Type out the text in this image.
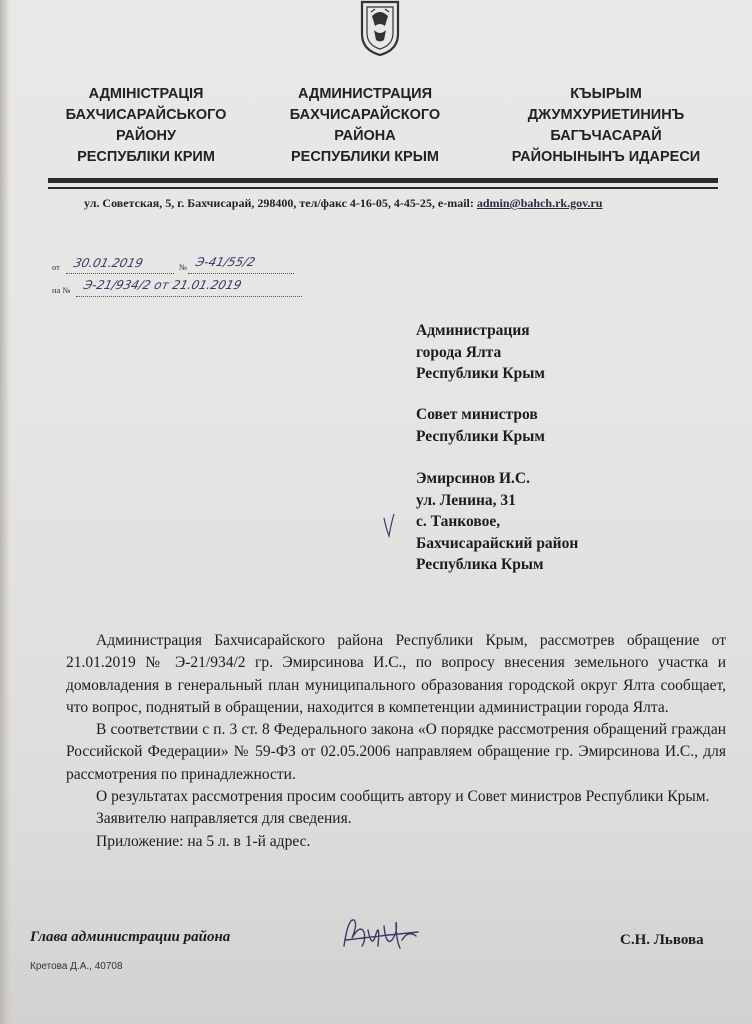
АДМІНІСТРАЦІЯ
БАХЧИСАРАЙСЬКОГО
РАЙОНУ
РЕСПУБЛІКИ КРИМ
АДМИНИСТРАЦИЯ
БАХЧИСАРАЙСКОГО
РАЙОНА
РЕСПУБЛИКИ КРЫМ
КЪЫРЫМ
ДЖУМХУРИЕТИНИНЪ
БАГЪЧАСАРАЙ
РАЙОНЫНЫНЪ ИДАРЕСИ
ул. Советская, 5, г. Бахчисарай, 298400, тел/факс 4-16-05, 4-45-25, e-mail: admin@bahch.rk.gov.ru
от	№
30.01.2019	Э-41/55/2
на № Э-21/934/2 от 21.01.2019
Администрация
города Ялта
Республики Крым
Совет министров
Республики Крым
Эмирсинов И.С.
ул. Ленина, 31
с. Танковое,
Бахчисарайский район
Республика Крым

Администрация Бахчисарайского района Республики Крым, рассмотрев обращение от 21.01.2019 № Э-21/934/2 гр. Эмирсинова И.С., по вопросу внесения земельного участка и домовладения в генеральный план муниципального образования городской округ Ялта сообщает, что вопрос, поднятый в обращении, находится в компетенции администрации города Ялта.

В соответствии с п. 3 ст. 8 Федерального закона «О порядке рассмотрения обращений граждан Российской Федерации» № 59-ФЗ от 02.05.2006 направляем обращение гр. Эмирсинова И.С., для рассмотрения по принадлежности.

О результатах рассмотрения просим сообщить автору и Совет министров Республики Крым.

Заявителю направляется для сведения.

Приложение: на 5 л. в 1-й адрес.

Глава администрации района	С.Н. Львова
Кретова Д.А., 40708
